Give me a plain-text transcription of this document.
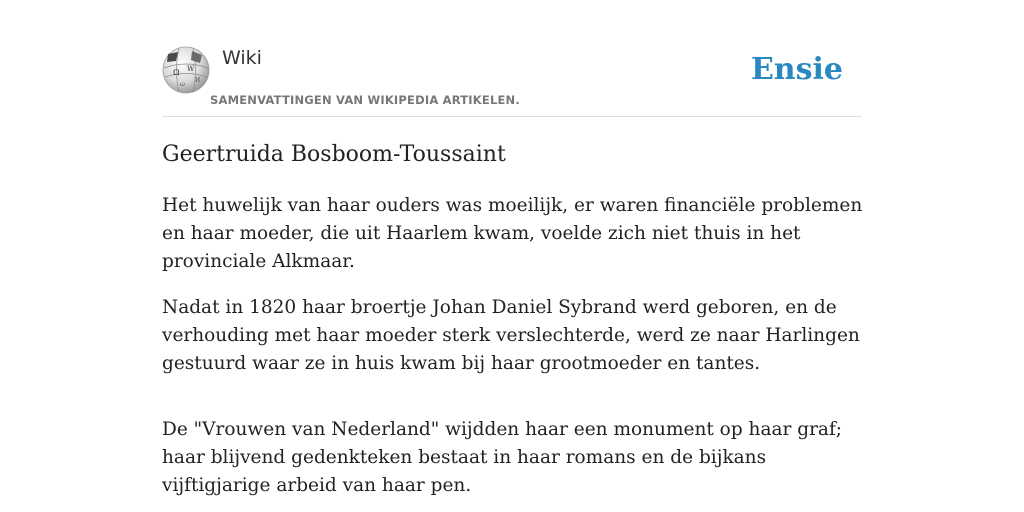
Ω W
И
ω
Wiki
SAMENVATTINGEN VAN WIKIPEDIA ARTIKELEN.
Ensie
Geertruida Bosboom-Toussaint

Het huwelijk van haar ouders was moeilijk, er waren financiële problemen en haar moeder, die uit Haarlem kwam, voelde zich niet thuis in het provinciale Alkmaar.

Nadat in 1820 haar broertje Johan Daniel Sybrand werd geboren, en de verhouding met haar moeder sterk verslechterde, werd ze naar Harlingen gestuurd waar ze in huis kwam bij haar grootmoeder en tantes.

De "Vrouwen van Nederland" wijdden haar een monument op haar graf; haar blijvend gedenkteken bestaat in haar romans en de bijkans vijftigjarige arbeid van haar pen.
